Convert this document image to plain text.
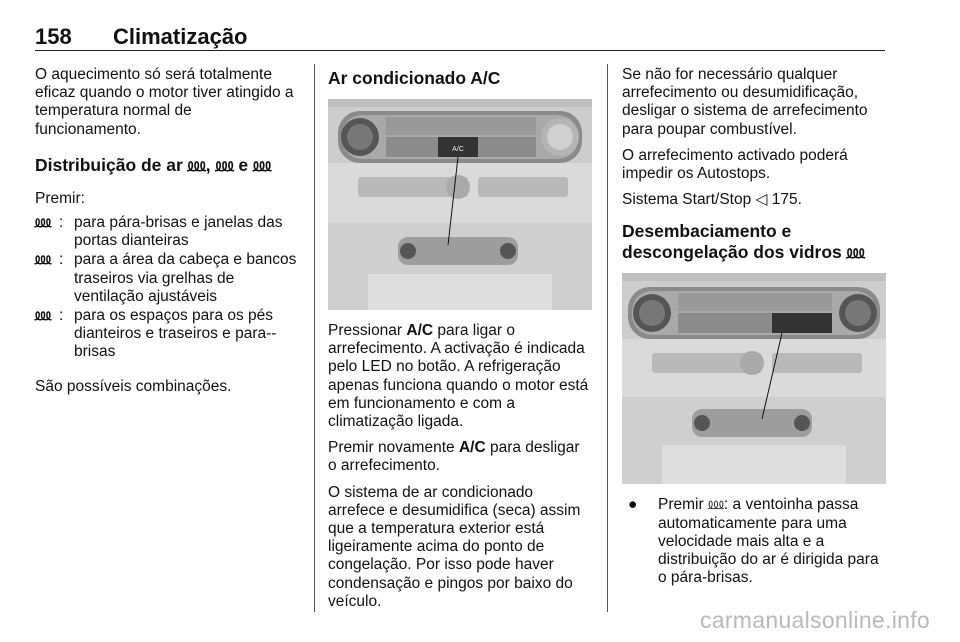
158 Climatização

O aquecimento só será totalmente eficaz quando o motor tiver atingido a temperatura normal de funcionamento.

Distribuição de ar ⅏, ⅏ e ⅏

Premir:

⅏ : para pára-brisas e janelas das portas dianteiras
⅏ : para a área da cabeça e bancos traseiros via grelhas de ventilação ajustáveis
⅏ : para os espaços para os pés dianteiros e traseiros e para--brisas

São possíveis combinações.

Ar condicionado A/C
A/C

Pressionar A/C para ligar o arrefecimento. A activação é indicada pelo LED no botão. A refrigeração apenas funciona quando o motor está em funcionamento e com a climatização ligada.

Premir novamente A/C para desligar o arrefecimento.

O sistema de ar condicionado arrefece e desumidifica (seca) assim que a temperatura exterior está ligeiramente acima do ponto de congelação. Por isso pode haver condensação e pingos por baixo do veículo.

Se não for necessário qualquer arrefecimento ou desumidificação, desligar o sistema de arrefecimento para poupar combustível.

O arrefecimento activado poderá impedir os Autostops.

Sistema Start/Stop ◁ 175.

Desembaciamento e descongelação dos vidros ⅏
●	Premir ⅏: a ventoinha passa automaticamente para uma velocidade mais alta e a distribuição do ar é dirigida para o pára-brisas.
carmanualsonline.info
